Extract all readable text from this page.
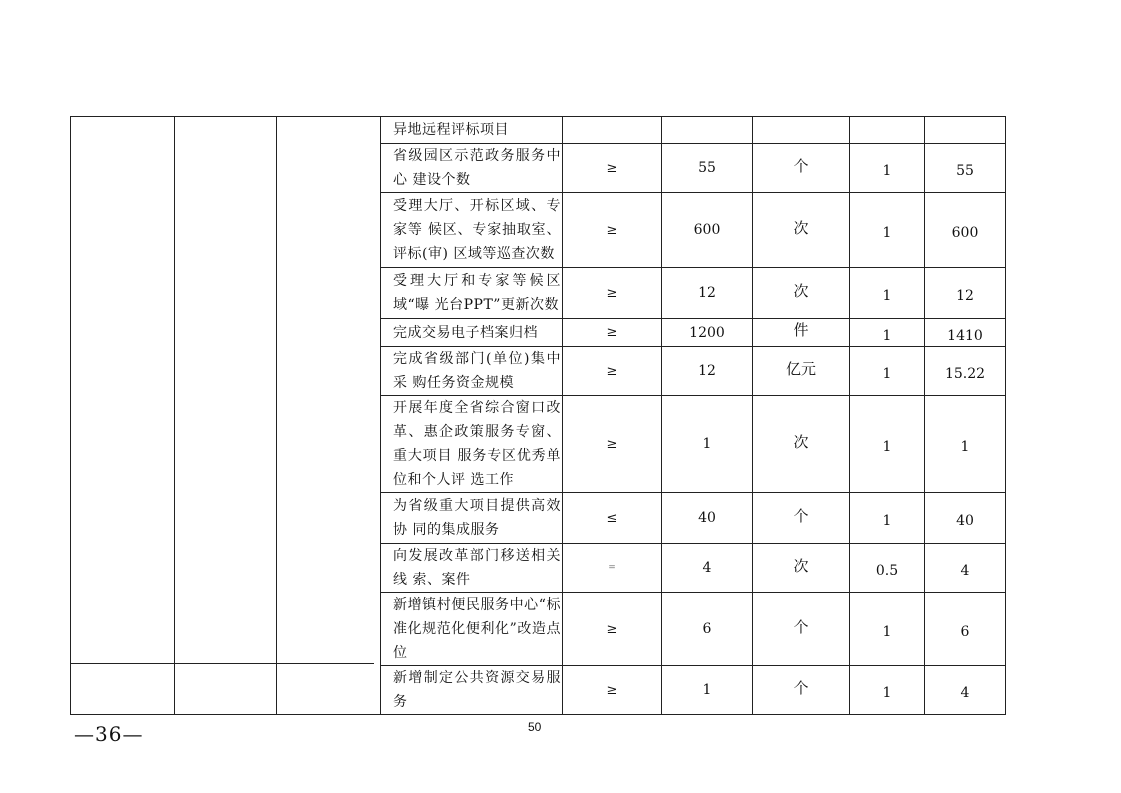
			异地远程评标项目					
			省级园区示范政务服务中心 建设个数	≥	55	个	1	55
			受理大厅、开标区域、专家等 候区、专家抽取室、评标(审) 区域等巡查次数	≥	600	次	1	600
			受理大厅和专家等候区域“曝 光台PPT”更新次数	≥	12	次	1	12
			完成交易电子档案归档	≥	1200	件	1	1410
			完成省级部门(单位)集中采 购任务资金规模	≥	12	亿元	1	15.22
			开展年度全省综合窗口改革、惠企政策服务专窗、重大项目 服务专区优秀单位和个人评 选工作	≥	1	次	1	1
			为省级重大项目提供高效协 同的集成服务	≤	40	个	1	40
			向发展改革部门移送相关线 索、案件	=	4	次	0.5	4
			新增镇村便民服务中心“标准化规范化便利化”改造点位	≥	6	个	1	6
			新增制定公共资源交易服务	≥	1	个	1	4
—36—	50
